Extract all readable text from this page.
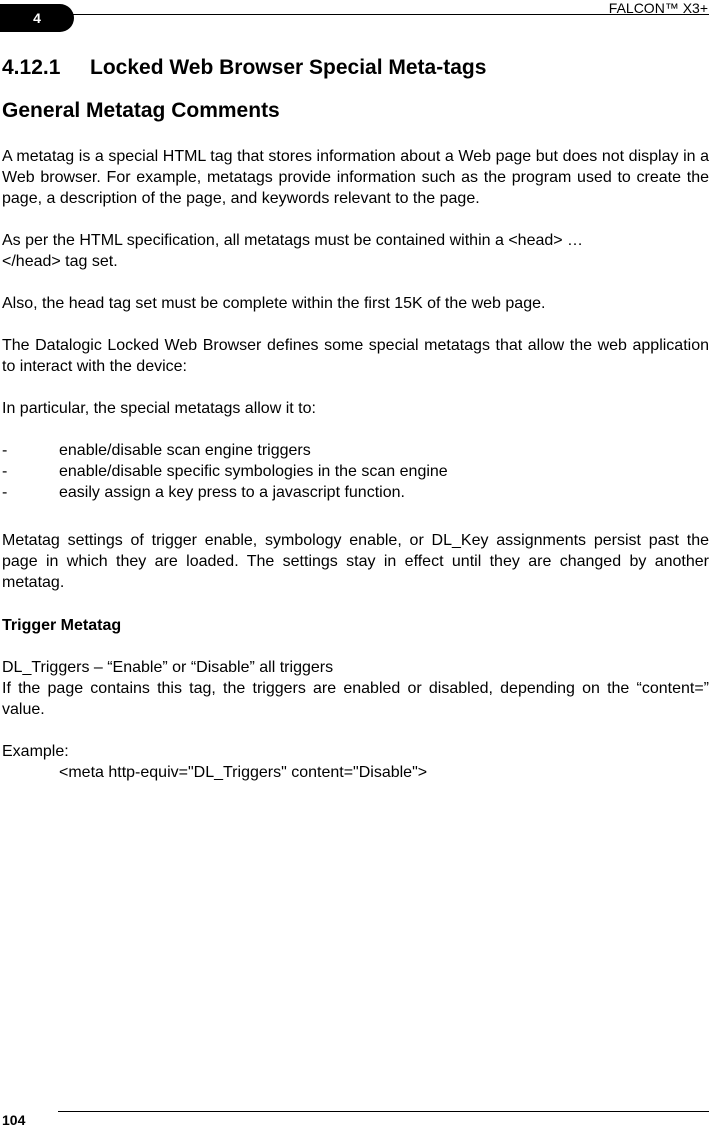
4
FALCON™ X3+
4.12.1 Locked Web Browser Special Meta-tags
General Metatag Comments

A metatag is a special HTML tag that stores information about a Web page but does not display in a Web browser. For example, metatags provide information such as the program used to create the page, a description of the page, and keywords relevant to the page.

As per the HTML specification, all metatags must be contained within a <head> …
</head> tag set.

Also, the head tag set must be complete within the first 15K of the web page.

The Datalogic Locked Web Browser defines some special metatags that allow the web application to interact with the device:

In particular, the special metatags allow it to:

-	enable/disable scan engine triggers
-	enable/disable specific symbologies in the scan engine
-	easily assign a key press to a javascript function.

Metatag settings of trigger enable, symbology enable, or DL_Key assignments persist past the page in which they are loaded. The settings stay in effect until they are changed by another metatag.

Trigger Metatag

DL_Triggers – “Enable” or “Disable” all triggers
If the page contains this tag, the triggers are enabled or disabled, depending on the “content=” value.

Example:

<meta http-equiv="DL_Triggers" content="Disable">

104
